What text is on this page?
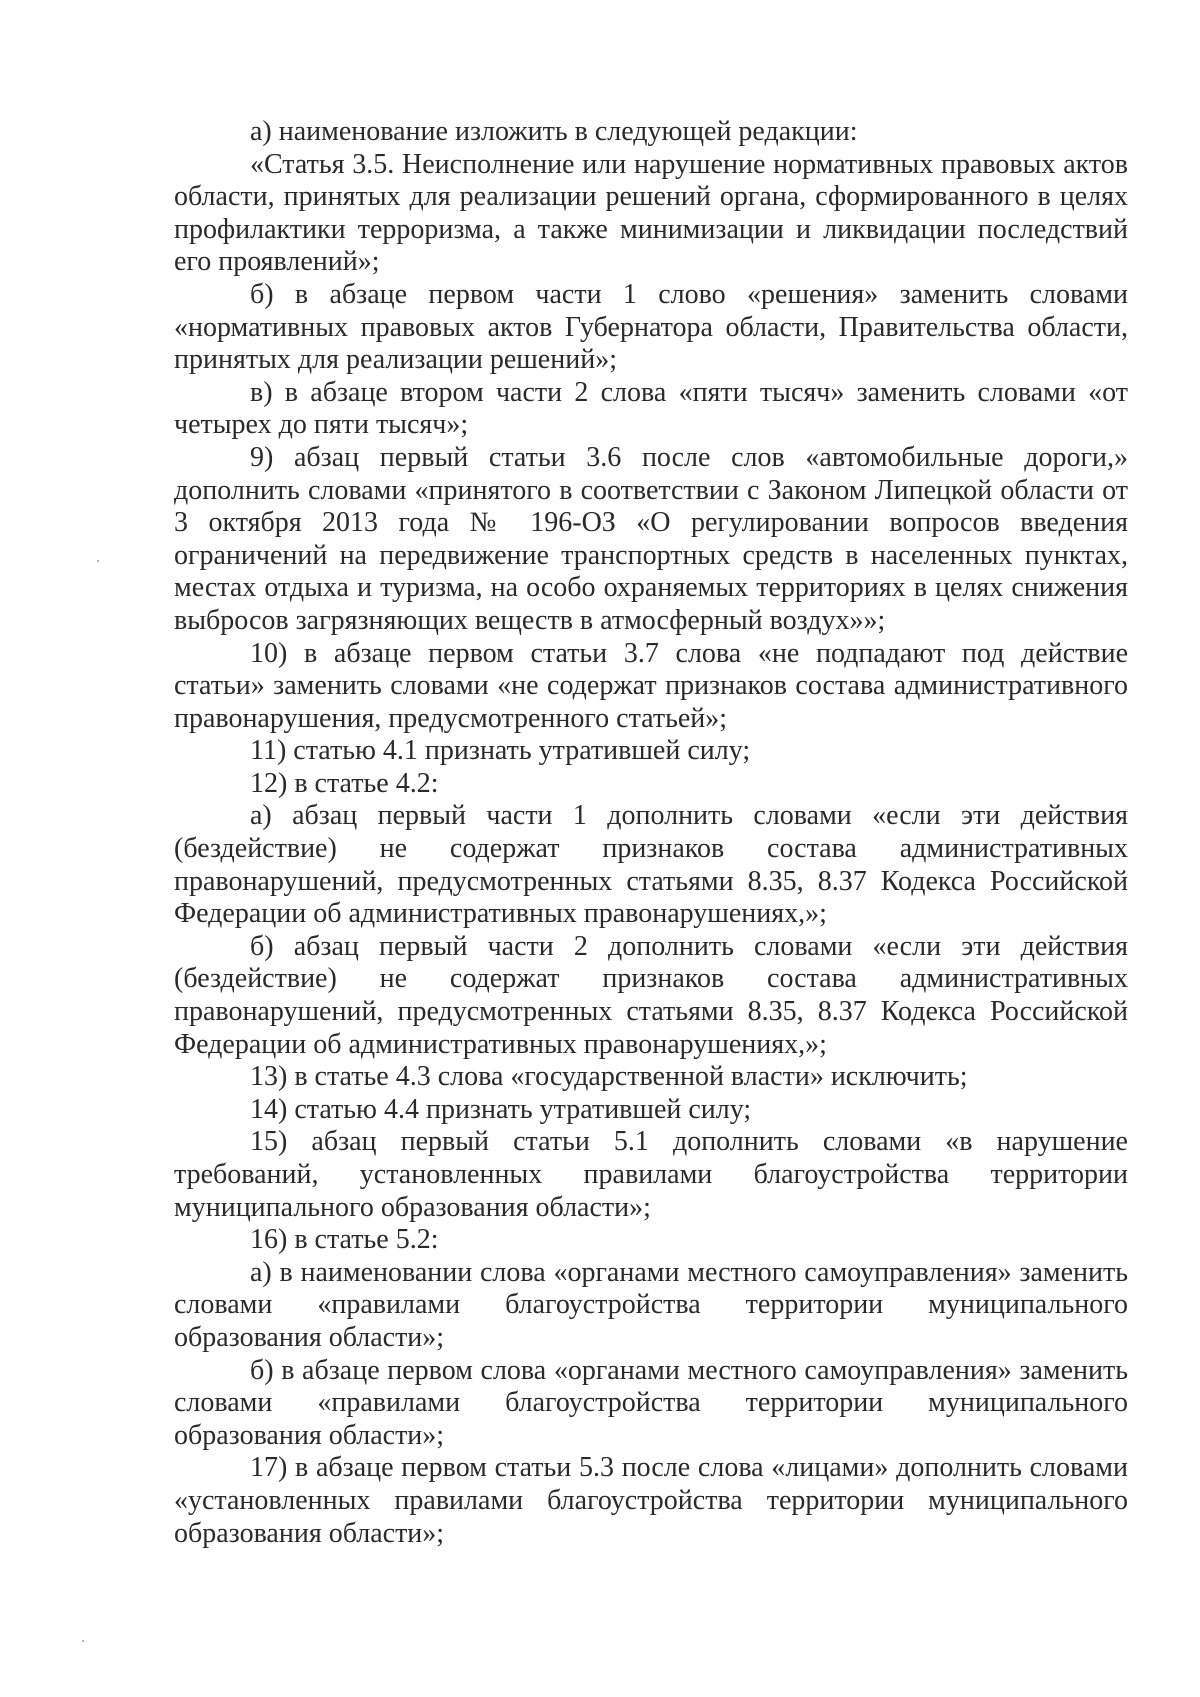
а) наименование изложить в следующей редакции:

«Статья 3.5. Неисполнение или нарушение нормативных правовых актов области, принятых для реализации решений органа, сформированного в целях профилактики терроризма, а также минимизации и ликвидации последствий его проявлений»;

б) в абзаце первом части 1 слово «решения» заменить словами «нормативных правовых актов Губернатора области, Правительства области, принятых для реализации решений»;

в) в абзаце втором части 2 слова «пяти тысяч» заменить словами «от четырех до пяти тысяч»;

9) абзац первый статьи 3.6 после слов «автомобильные дороги,» дополнить словами «принятого в соответствии с Законом Липецкой области от 3 октября 2013 года № 196-ОЗ «О регулировании вопросов введения ограничений на передвижение транспортных средств в населенных пунктах, местах отдыха и туризма, на особо охраняемых территориях в целях снижения выбросов загрязняющих веществ в атмосферный воздух»»;

10) в абзаце первом статьи 3.7 слова «не подпадают под действие статьи» заменить словами «не содержат признаков состава административного правонарушения, предусмотренного статьей»;

11) статью 4.1 признать утратившей силу;

12) в статье 4.2:

а) абзац первый части 1 дополнить словами «если эти действия (бездействие) не содержат признаков состава административных правонарушений, предусмотренных статьями 8.35, 8.37 Кодекса Российской Федерации об административных правонарушениях,»;

б) абзац первый части 2 дополнить словами «если эти действия (бездействие) не содержат признаков состава административных правонарушений, предусмотренных статьями 8.35, 8.37 Кодекса Российской Федерации об административных правонарушениях,»;

13) в статье 4.3 слова «государственной власти» исключить;

14) статью 4.4 признать утратившей силу;

15) абзац первый статьи 5.1 дополнить словами «в нарушение требований, установленных правилами благоустройства территории муниципального образования области»;

16) в статье 5.2:

а) в наименовании слова «органами местного самоуправления» заменить словами «правилами благоустройства территории муниципального образования области»;

б) в абзаце первом слова «органами местного самоуправления» заменить словами «правилами благоустройства территории муниципального образования области»;

17) в абзаце первом статьи 5.3 после слова «лицами» дополнить словами «установленных правилами благоустройства территории муниципального образования области»;
